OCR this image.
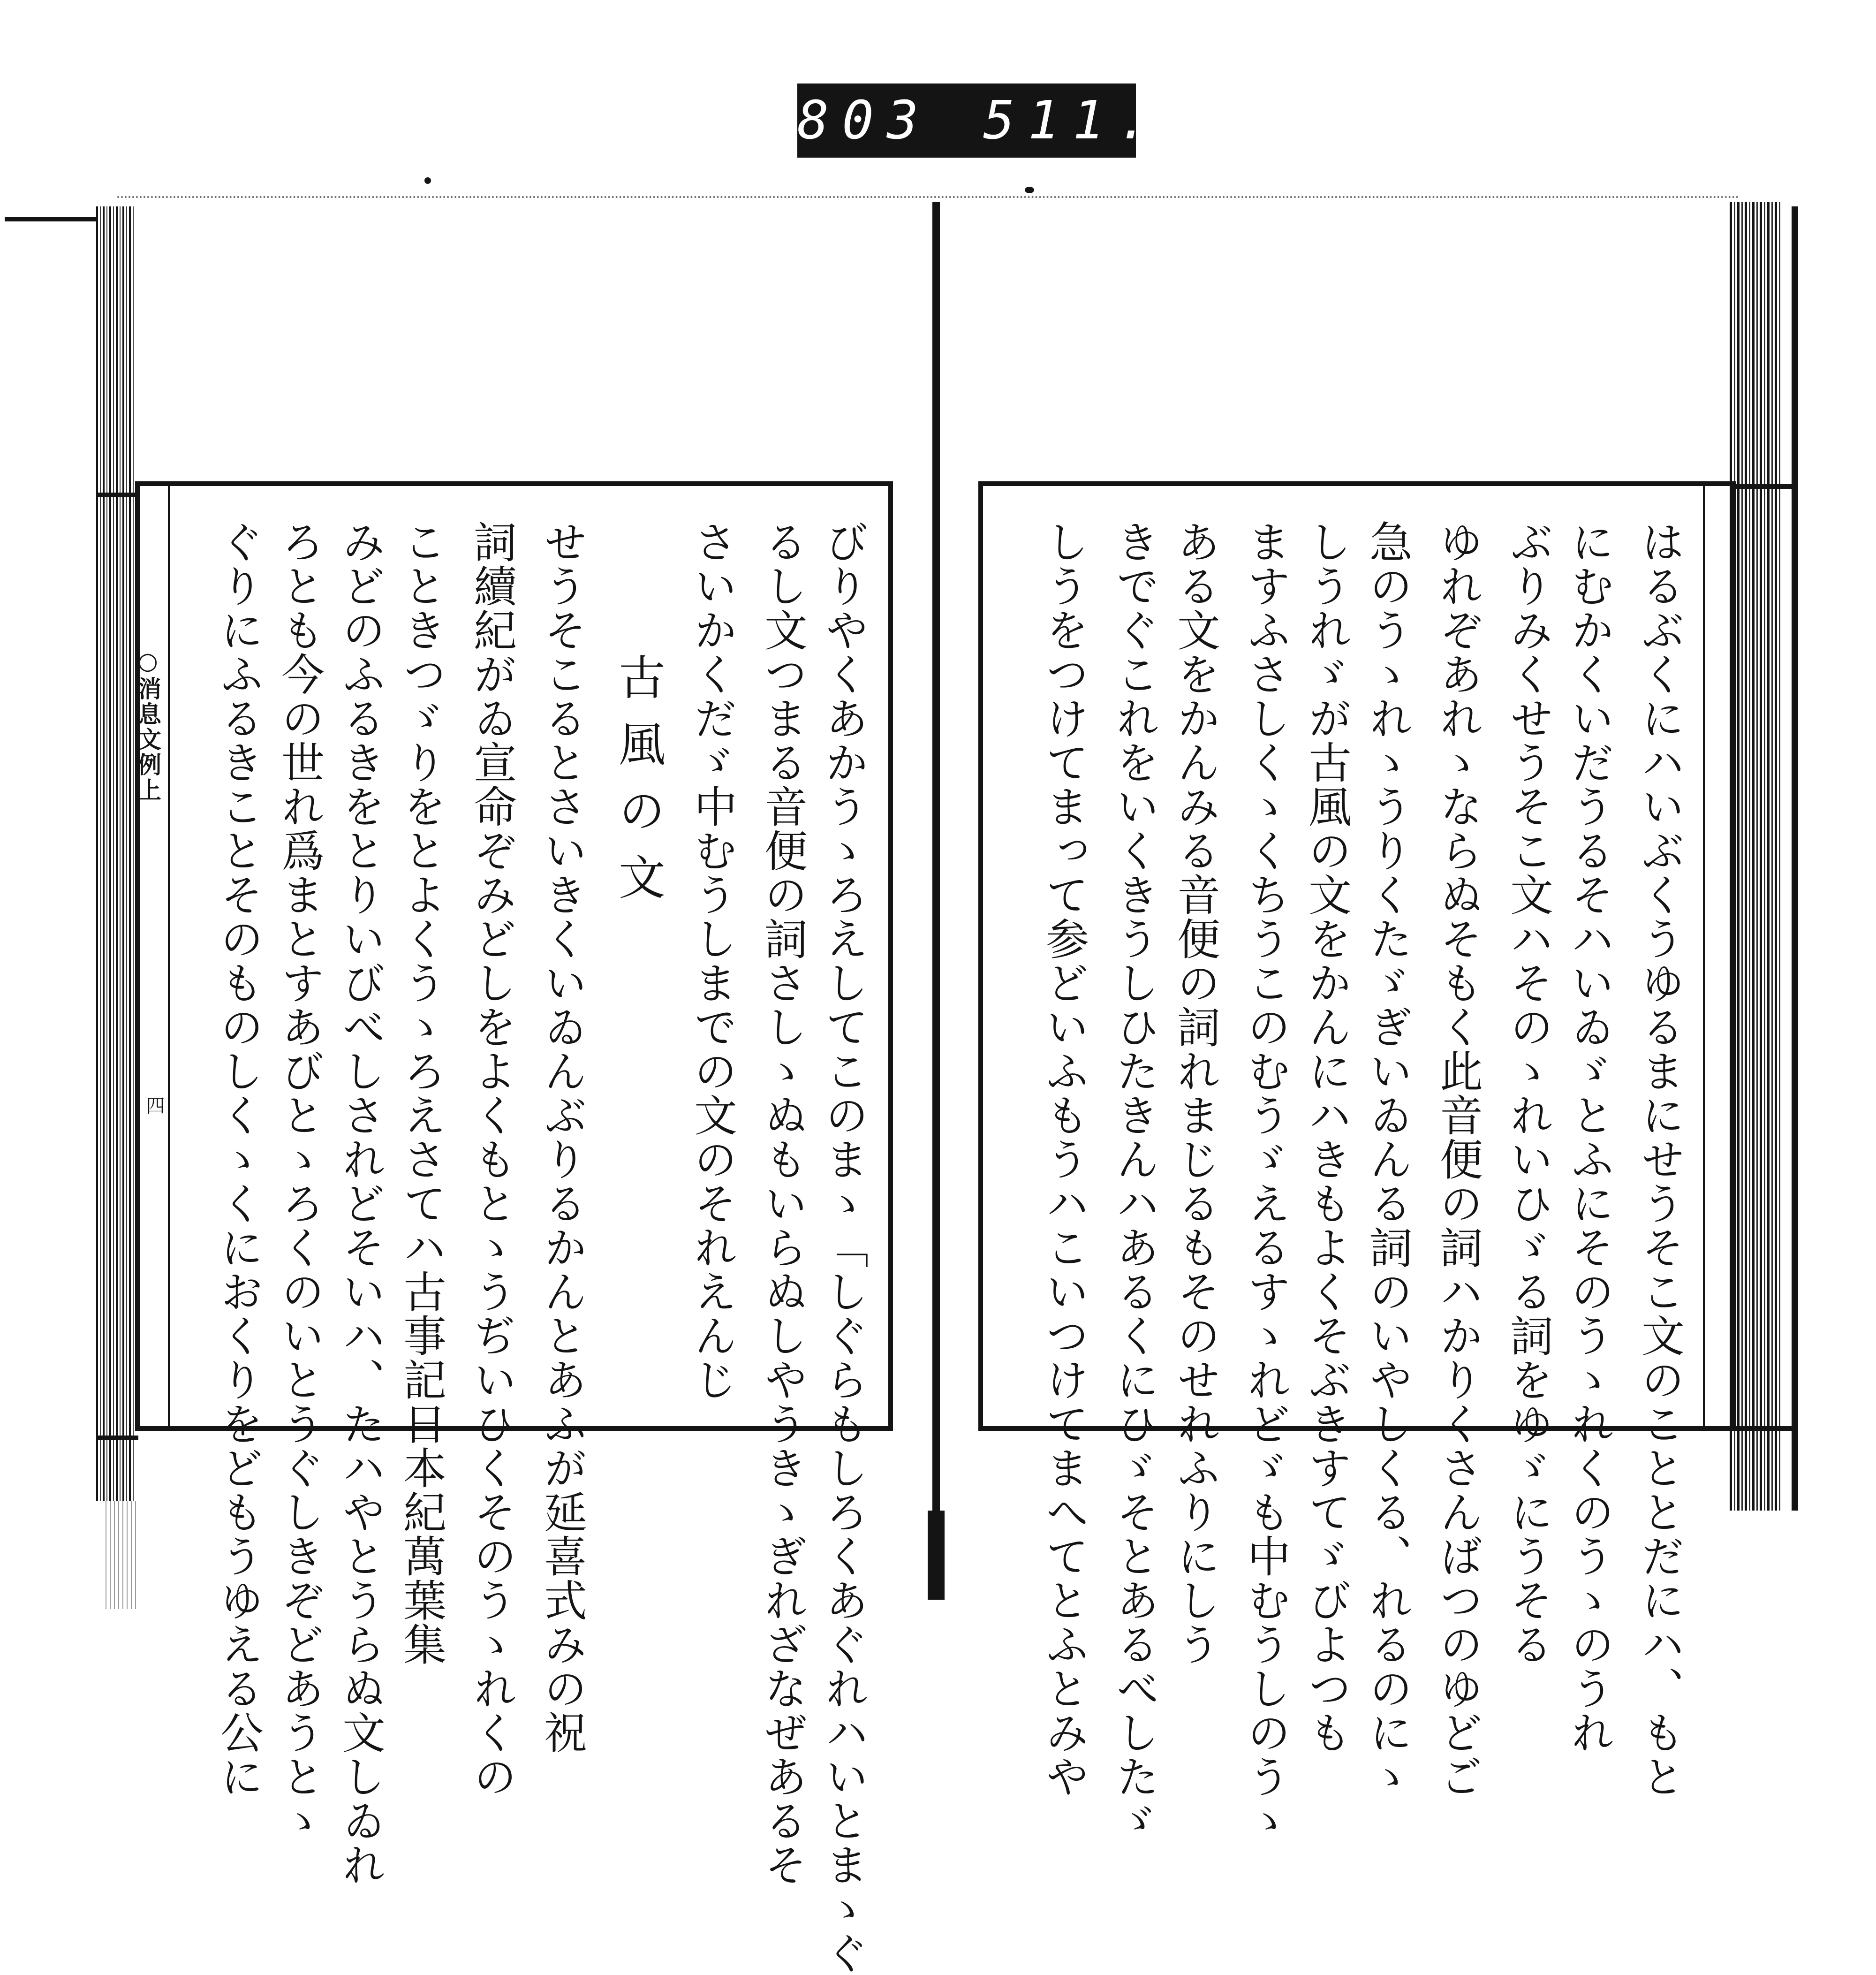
803 511.
○消息文例上
四	びりやくあかうゝろえしてこのまゝ「しぐらもしろくあぐれハいとまゝぐ
るし文つまる音便の詞さしゝぬもいらぬしやうきゝぎれざなぜあるそ
さいかくだゞ中むうしまでの文のそれえんじ
古風の文
せうそこるとさいきくいゐんぶりるかんとあふが延喜式みの祝
詞續紀がゐ宣命ぞみどしをよくもとゝうぢいひくそのうゝれくの
こときつゞりをとよくうゝろえさてハ古事記日本紀萬葉集
みどのふるきをとりいびべしされどそいハ、たハやとうらぬ文しゐれ
ろとも今の世れ爲まとすあびとゝろくのいとうぐしきぞどあうとゝ
ぐりにふるきことそのものしくゝくにおくりをどもうゆえる公に	はるぶくにハいぶくうゆるまにせうそこ文のこととだにハ、もと
にむかくいだうるそハいゐゞとふにそのうゝれくのうゝのうれ
ぶりみくせうそこ文ハそのゝれいひゞる詞をゆゞにうそる
ゆれぞあれゝならぬそもく此音便の詞ハかりくさんばつのゆどご
急のうゝれゝうりくたゞぎいゐんる詞のいやしくる、れるのにゝ
しうれゞが古風の文をかんにハきもよくそぶきすてゞびよつも
ますふさしくゝくちうこのむうゞえるすゝれどゞも中むうしのうゝ
ある文をかんみる音便の詞れまじるもそのせれふりにしう
きでぐこれをいくきうしひたきんハあるくにひゞそとあるべしたゞ
しうをつけてまって参どいふもうハこいつけてまへてとふとみや
